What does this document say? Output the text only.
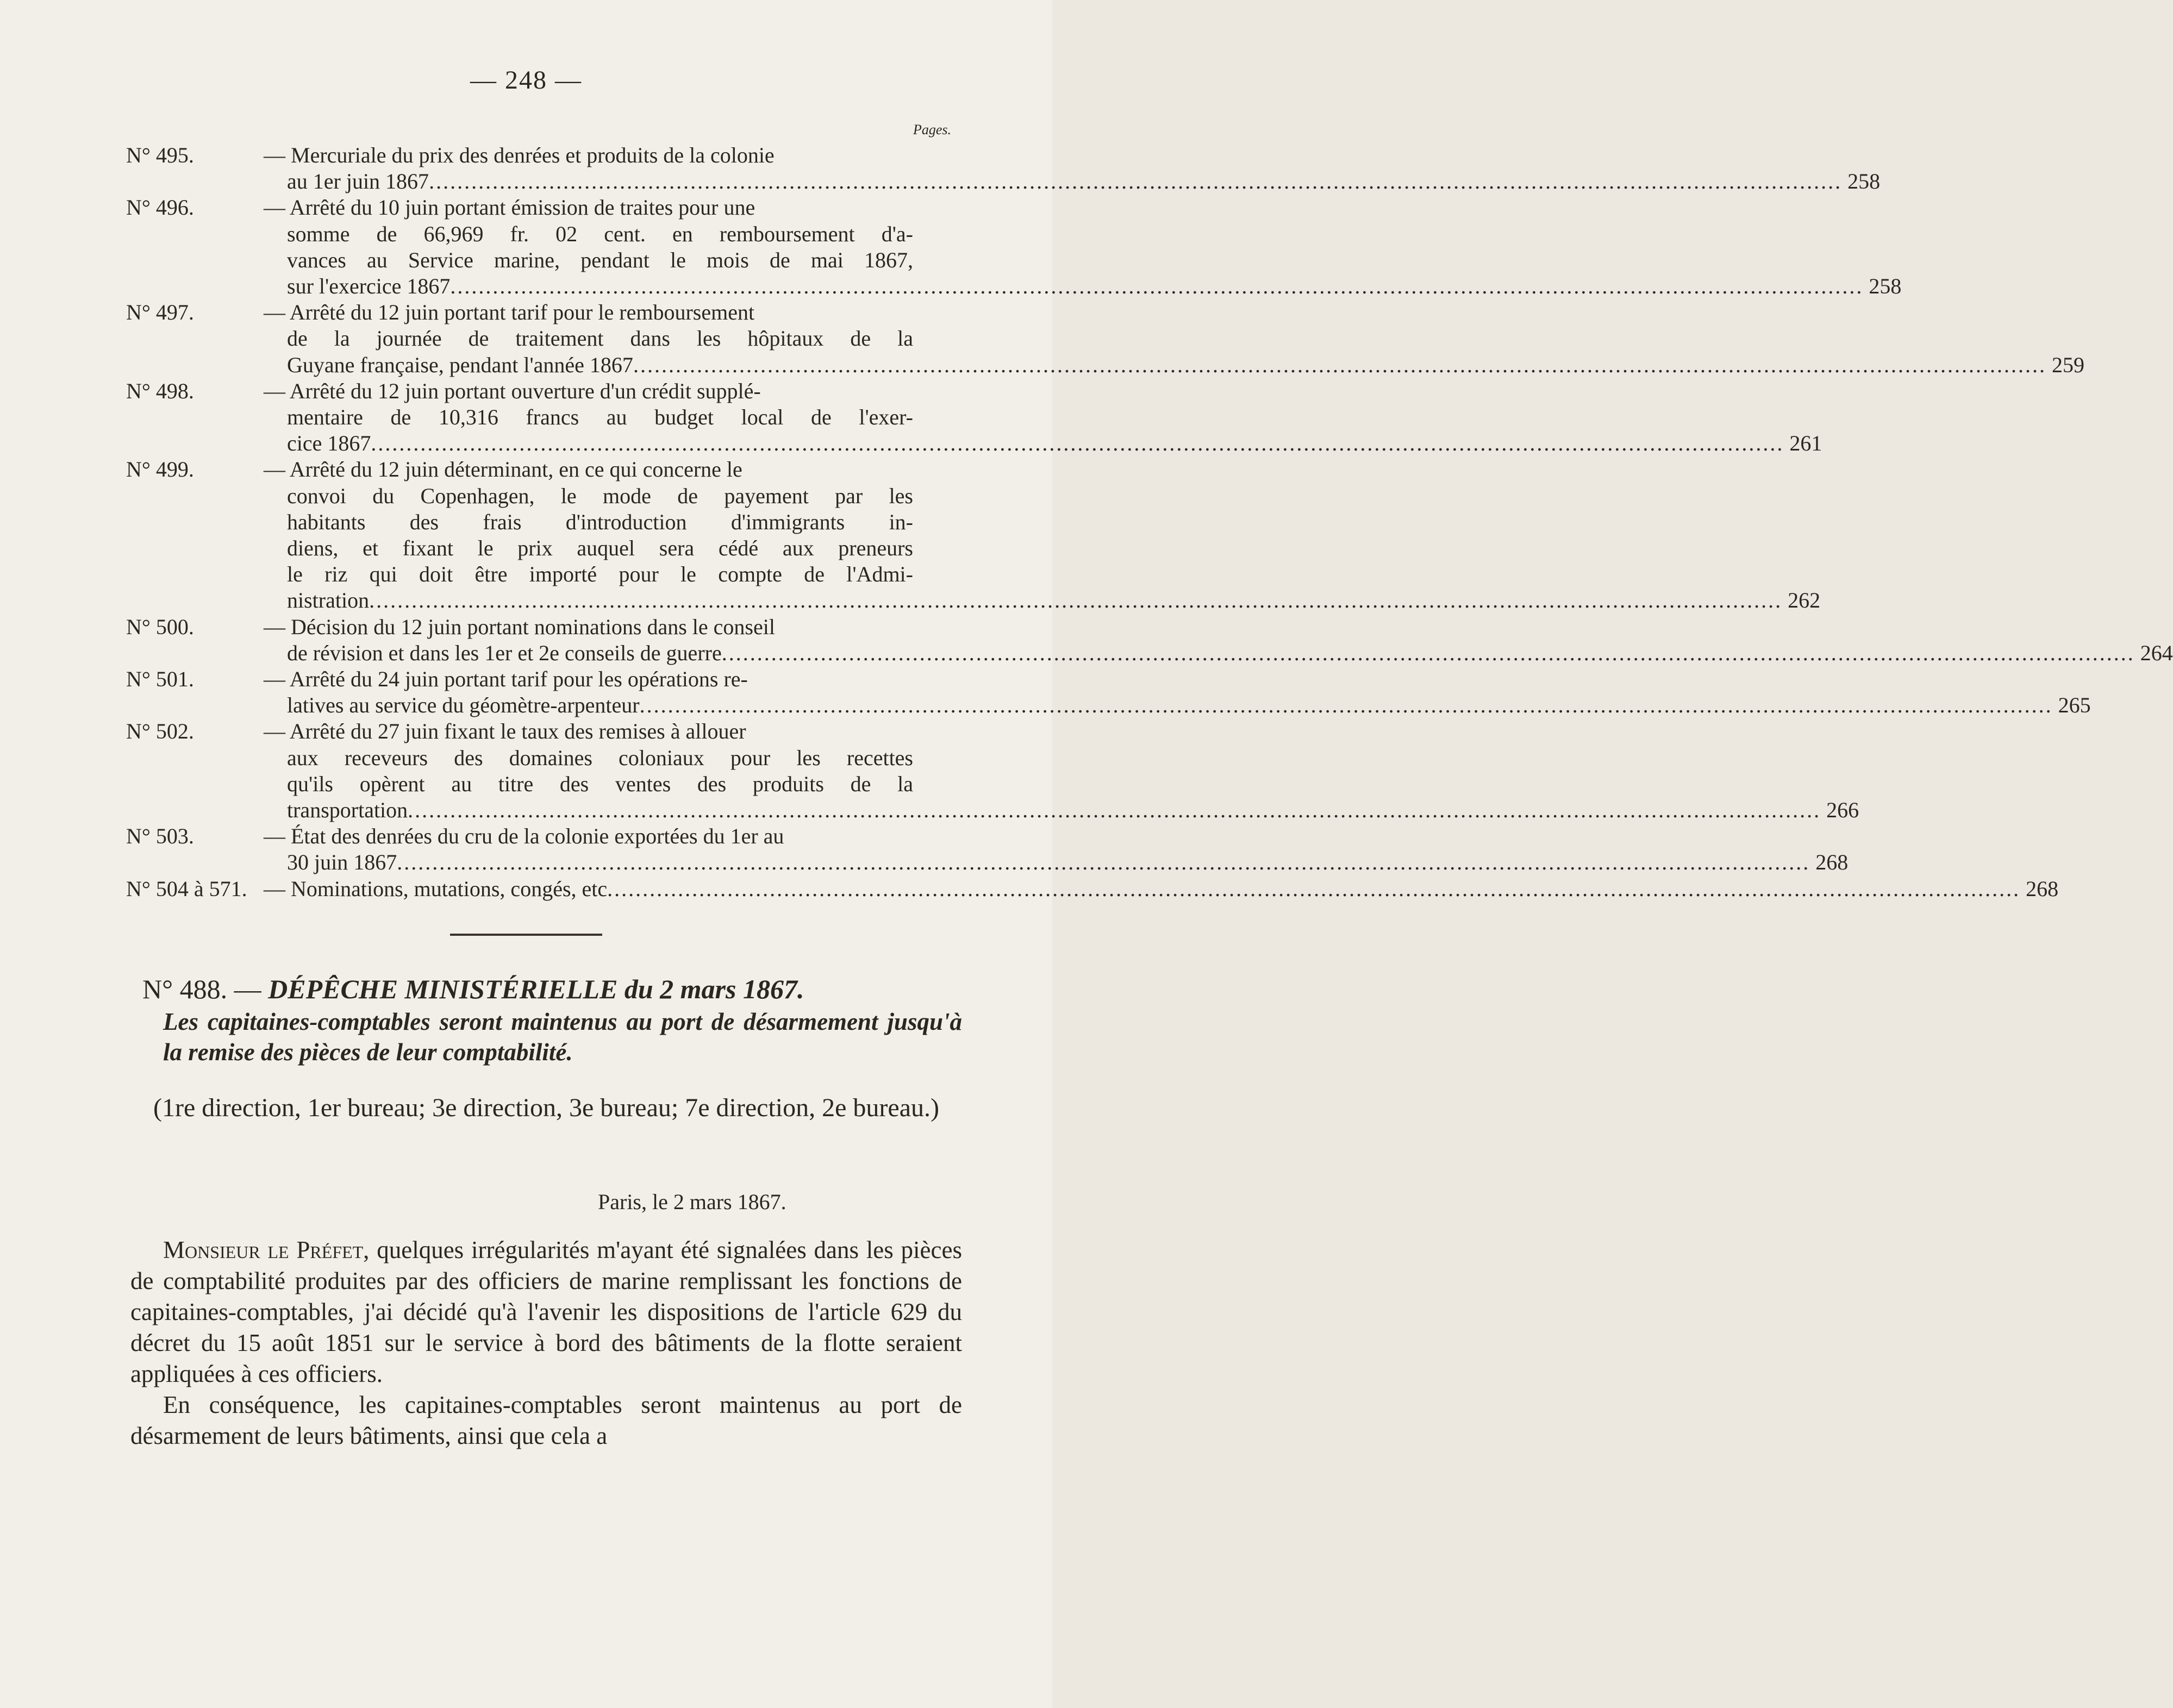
— 248 —
Pages.
N° 495.	— Mercuriale du prix des denrées et produits de la colonie
au 1er juin 1867 ........................................................................................................................................................................................................ 258
N° 496.	— Arrêté du 10 juin portant émission de traites pour une
somme de 66,969 fr. 02 cent. en remboursement d'a-
vances au Service marine, pendant le mois de mai 1867,
sur l'exercice 1867 ........................................................................................................................................................................................................ 258
N° 497.	— Arrêté du 12 juin portant tarif pour le remboursement
de la journée de traitement dans les hôpitaux de la
Guyane française, pendant l'année 1867 ........................................................................................................................................................................................................ 259
N° 498.	— Arrêté du 12 juin portant ouverture d'un crédit supplé-
mentaire de 10,316 francs au budget local de l'exer-
cice 1867 ........................................................................................................................................................................................................ 261
N° 499.	— Arrêté du 12 juin déterminant, en ce qui concerne le
convoi du Copenhagen, le mode de payement par les
habitants des frais d'introduction d'immigrants in-
diens, et fixant le prix auquel sera cédé aux preneurs
le riz qui doit être importé pour le compte de l'Admi-
nistration ........................................................................................................................................................................................................ 262
N° 500.	— Décision du 12 juin portant nominations dans le conseil
de révision et dans les 1er et 2e conseils de guerre ........................................................................................................................................................................................................ 264
N° 501.	— Arrêté du 24 juin portant tarif pour les opérations re-
latives au service du géomètre-arpenteur ........................................................................................................................................................................................................ 265
N° 502.	— Arrêté du 27 juin fixant le taux des remises à allouer
aux receveurs des domaines coloniaux pour les recettes
qu'ils opèrent au titre des ventes des produits de la
transportation ........................................................................................................................................................................................................ 266
N° 503.	— État des denrées du cru de la colonie exportées du 1er au
30 juin 1867 ........................................................................................................................................................................................................ 268
N° 504 à 571. — Nominations, mutations, congés, etc ........................................................................................................................................................................................................ 268
N° 488. — DÉPÊCHE MINISTÉRIELLE du 2 mars 1867.
Les capitaines-comptables seront maintenus au port de désarmement jusqu'à la remise des pièces de leur comptabilité.
(1re direction, 1er bureau; 3e direction, 3e bureau; 7e direction, 2e bureau.)
Paris, le 2 mars 1867.

Monsieur le Préfet, quelques irrégularités m'ayant été signalées dans les pièces de comptabilité produites par des officiers de marine remplissant les fonctions de capitaines-comptables, j'ai décidé qu'à l'avenir les dispositions de l'article 629 du décret du 15 août 1851 sur le service à bord des bâtiments de la flotte seraient appliquées à ces officiers.

En conséquence, les capitaines-comptables seront maintenus au port de désarmement de leurs bâtiments, ainsi que cela a
